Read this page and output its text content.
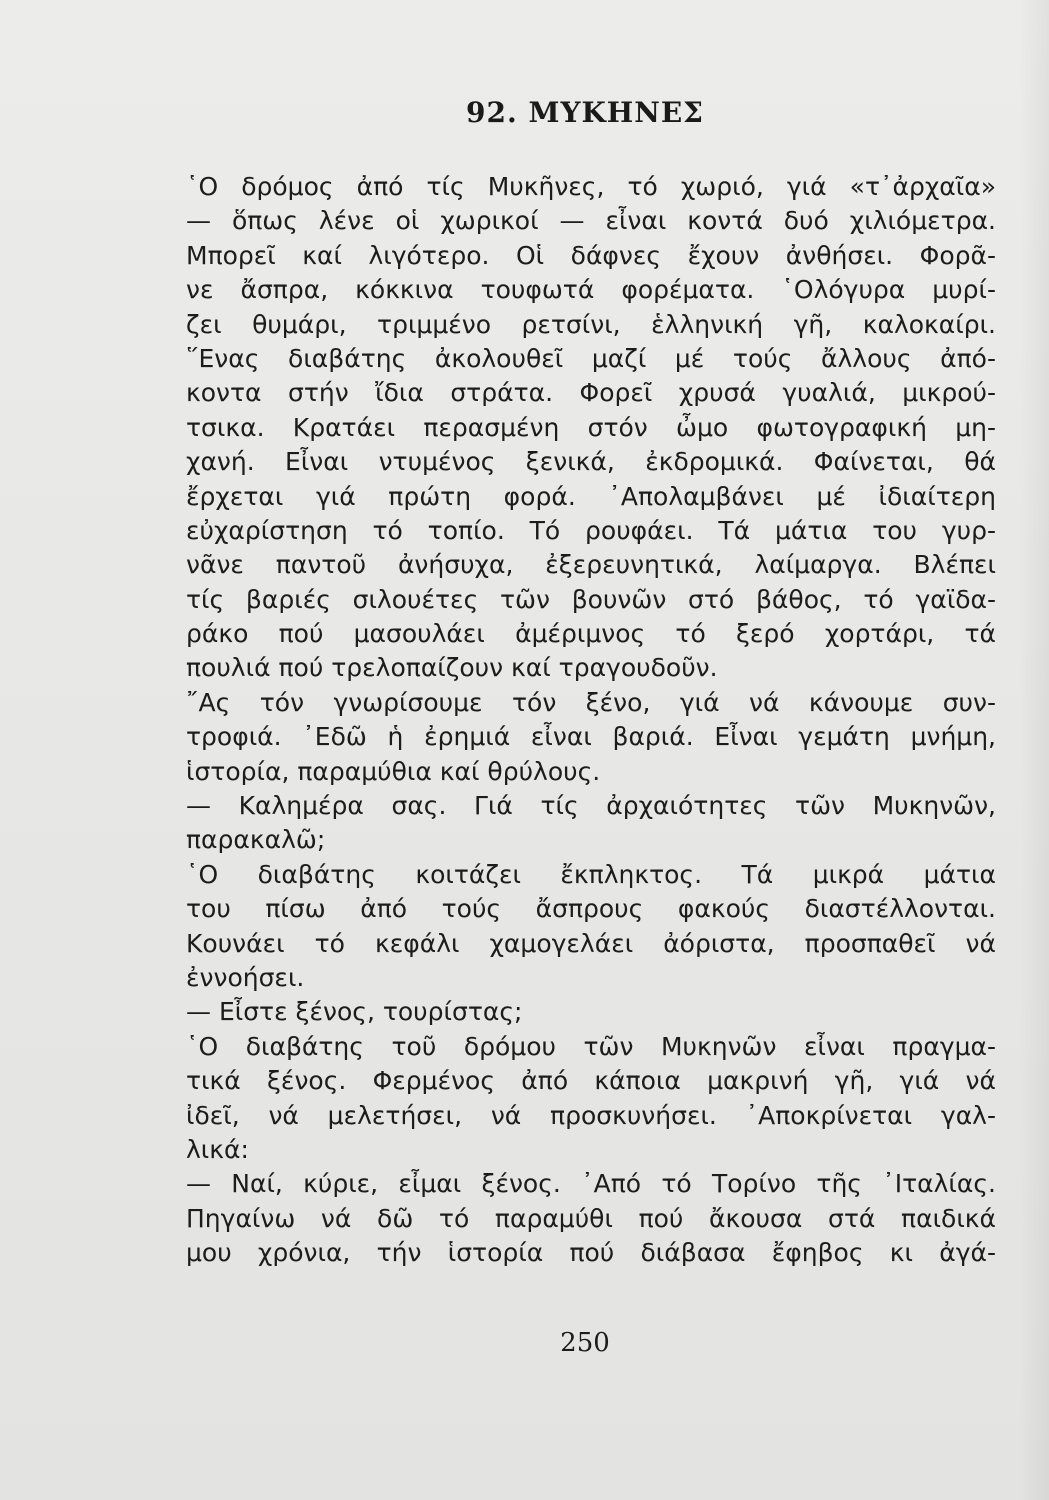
92. ΜΥΚΗΝΕΣ
῾Ο δρόμος ἀπό τίς Μυκῆνες, τό χωριό, γιά «τ᾿ἀρχαῖα»
— ὅπως λένε οἱ χωρικοί — εἶναι κοντά δυό χιλιόμετρα.
Μπορεῖ καί λιγότερο. Οἱ δάφνες ἔχουν ἀνθήσει. Φορᾶ-
νε ἄσπρα, κόκκινα τουφωτά φορέματα. ῾Ολόγυρα μυρί-
ζει θυμάρι, τριμμένο ρετσίνι, ἑλληνική γῆ, καλοκαίρι.
῞Ενας διαβάτης ἀκολουθεῖ μαζί μέ τούς ἄλλους ἀπό-
κοντα στήν ἴδια στράτα. Φορεῖ χρυσά γυαλιά, μικρού-
τσικα. Κρατάει περασμένη στόν ὦμο φωτογραφική μη-
χανή. Εἶναι ντυμένος ξενικά, ἐκδρομικά. Φαίνεται, θά
ἔρχεται γιά πρώτη φορά. ᾿Απολαμβάνει μέ ἰδιαίτερη
εὐχαρίστηση τό τοπίο. Τό ρουφάει. Τά μάτια του γυρ-
νᾶνε παντοῦ ἀνήσυχα, ἐξερευνητικά, λαίμαργα. Βλέπει
τίς βαριές σιλουέτες τῶν βουνῶν στό βάθος, τό γαϊδα-
ράκο πού μασουλάει ἀμέριμνος τό ξερό χορτάρι, τά
πουλιά πού τρελοπαίζουν καί τραγουδοῦν.
῎Ας τόν γνωρίσουμε τόν ξένο, γιά νά κάνουμε συν-
τροφιά. ᾿Εδῶ ἡ ἐρημιά εἶναι βαριά. Εἶναι γεμάτη μνήμη,
ἱστορία, παραμύθια καί θρύλους.
— Καλημέρα σας. Γιά τίς ἀρχαιότητες τῶν Μυκηνῶν,
παρακαλῶ;
῾Ο διαβάτης κοιτάζει ἔκπληκτος. Τά μικρά μάτια
του πίσω ἀπό τούς ἄσπρους φακούς διαστέλλονται.
Κουνάει τό κεφάλι χαμογελάει ἀόριστα, προσπαθεῖ νά
ἐννοήσει.
— Εἶστε ξένος, τουρίστας;
῾Ο διαβάτης τοῦ δρόμου τῶν Μυκηνῶν εἶναι πραγμα-
τικά ξένος. Φερμένος ἀπό κάποια μακρινή γῆ, γιά νά
ἰδεῖ, νά μελετήσει, νά προσκυνήσει. ᾿Αποκρίνεται γαλ-
λικά:
— Ναί, κύριε, εἶμαι ξένος. ᾿Από τό Τορίνο τῆς ᾿Ιταλίας.
Πηγαίνω νά δῶ τό παραμύθι πού ἄκουσα στά παιδικά
μου χρόνια, τήν ἱστορία πού διάβασα ἔφηβος κι ἀγά-
250
